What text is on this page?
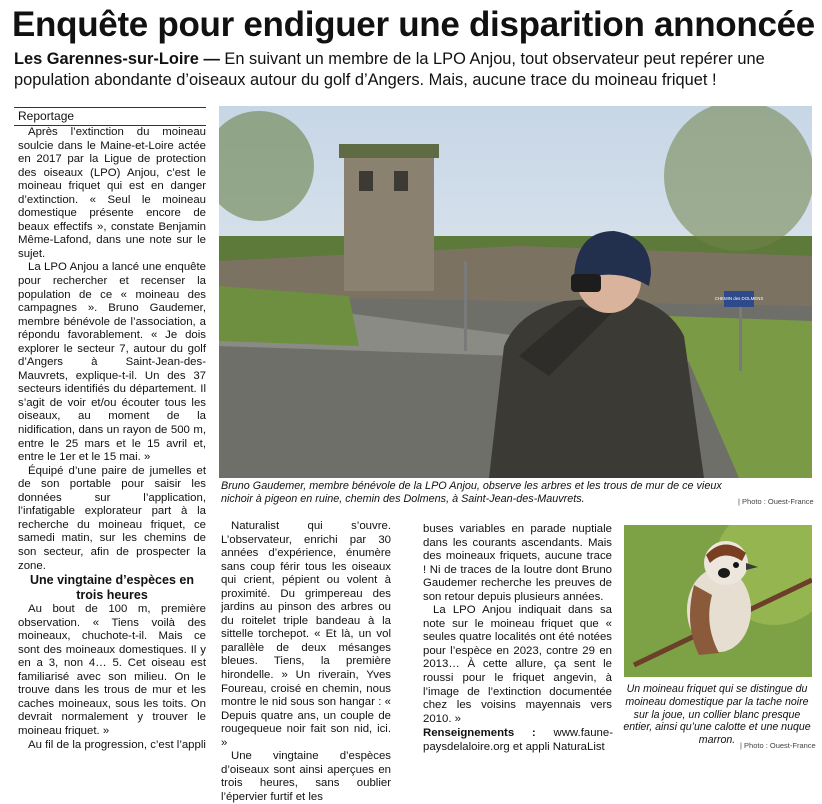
Enquête pour endiguer une disparition annoncée
Les Garennes-sur-Loire — En suivant un membre de la LPO Anjou, tout observateur peut repérer une population abondante d’oiseaux autour du golf d’Angers. Mais, aucune trace du moineau friquet !
Reportage

Après l’extinction du moineau soulcie dans le Maine-et-Loire actée en 2017 par la Ligue de protection des oiseaux (LPO) Anjou, c’est le moineau friquet qui est en danger d’extinction. « Seul le moineau domestique présente encore de beaux effectifs », constate Benjamin Même-Lafond, dans une note sur le sujet.

La LPO Anjou a lancé une enquête pour rechercher et recenser la population de ce « moineau des campagnes ». Bruno Gaudemer, membre bénévole de l’association, a répondu favorablement. « Je dois explorer le secteur 7, autour du golf d’Angers à Saint-Jean-des-Mauvrets, explique-t-il. Un des 37 secteurs identifiés du département. Il s’agit de voir et/ou écouter tous les oiseaux, au moment de la nidification, dans un rayon de 500 m, entre le 25 mars et le 15 avril et, entre le 1er et le 15 mai. »

Équipé d’une paire de jumelles et de son portable pour saisir les données sur l’application, l’infatigable explorateur part à la recherche du moineau friquet, ce samedi matin, sur les chemins de son secteur, afin de prospecter la zone.

Une vingtaine d’espèces en trois heures

Au bout de 100 m, première observation. « Tiens voilà des moineaux, chuchote-t-il. Mais ce sont des moineaux domestiques. Il y en a 3, non 4… 5. Cet oiseau est familiarisé avec son milieu. On le trouve dans les trous de mur et les caches moineaux, sous les toits. On devrait normalement y trouver le moineau friquet. »

Au fil de la progression, c’est l’appli

CHEMIN des DOLMENS
Bruno Gaudemer, membre bénévole de la LPO Anjou, observe les arbres et les trous de mur de ce vieux nichoir à pigeon en ruine, chemin des Dolmens, à Saint-Jean-des-Mauvrets.	| Photo : Ouest-France

Naturalist qui s’ouvre. L’observateur, enrichi par 30 années d’expérience, énumère sans coup férir tous les oiseaux qui crient, pépient ou volent à proximité. Du grimpereau des jardins au pinson des arbres ou du roitelet triple bandeau à la sittelle torchepot. « Et là, un vol parallèle de deux mésanges bleues. Tiens, la première hirondelle. » Un riverain, Yves Foureau, croisé en chemin, nous montre le nid sous son hangar : « Depuis quatre ans, un couple de rougequeue noir fait son nid, ici. »

Une vingtaine d’espèces d’oiseaux sont ainsi aperçues en trois heures, sans oublier l’épervier furtif et les

buses variables en parade nuptiale dans les courants ascendants. Mais des moineaux friquets, aucune trace ! Ni de traces de la loutre dont Bruno Gaudemer recherche les preuves de son retour depuis plusieurs années.

La LPO Anjou indiquait dans sa note sur le moineau friquet que « seules quatre localités ont été notées pour l’espèce en 2023, contre 29 en 2013… À cette allure, ça sent le roussi pour le friquet angevin, à l’image de l’extinction documentée chez les voisins mayennais vers 2010. »

Renseignements : www.faune-paysdelaloire.org et appli NaturaList
Un moineau friquet qui se distingue du moineau domestique par la tache noire sur la joue, un collier blanc presque entier, ainsi qu’une calotte et une nuque marron. | Photo : Ouest-France
